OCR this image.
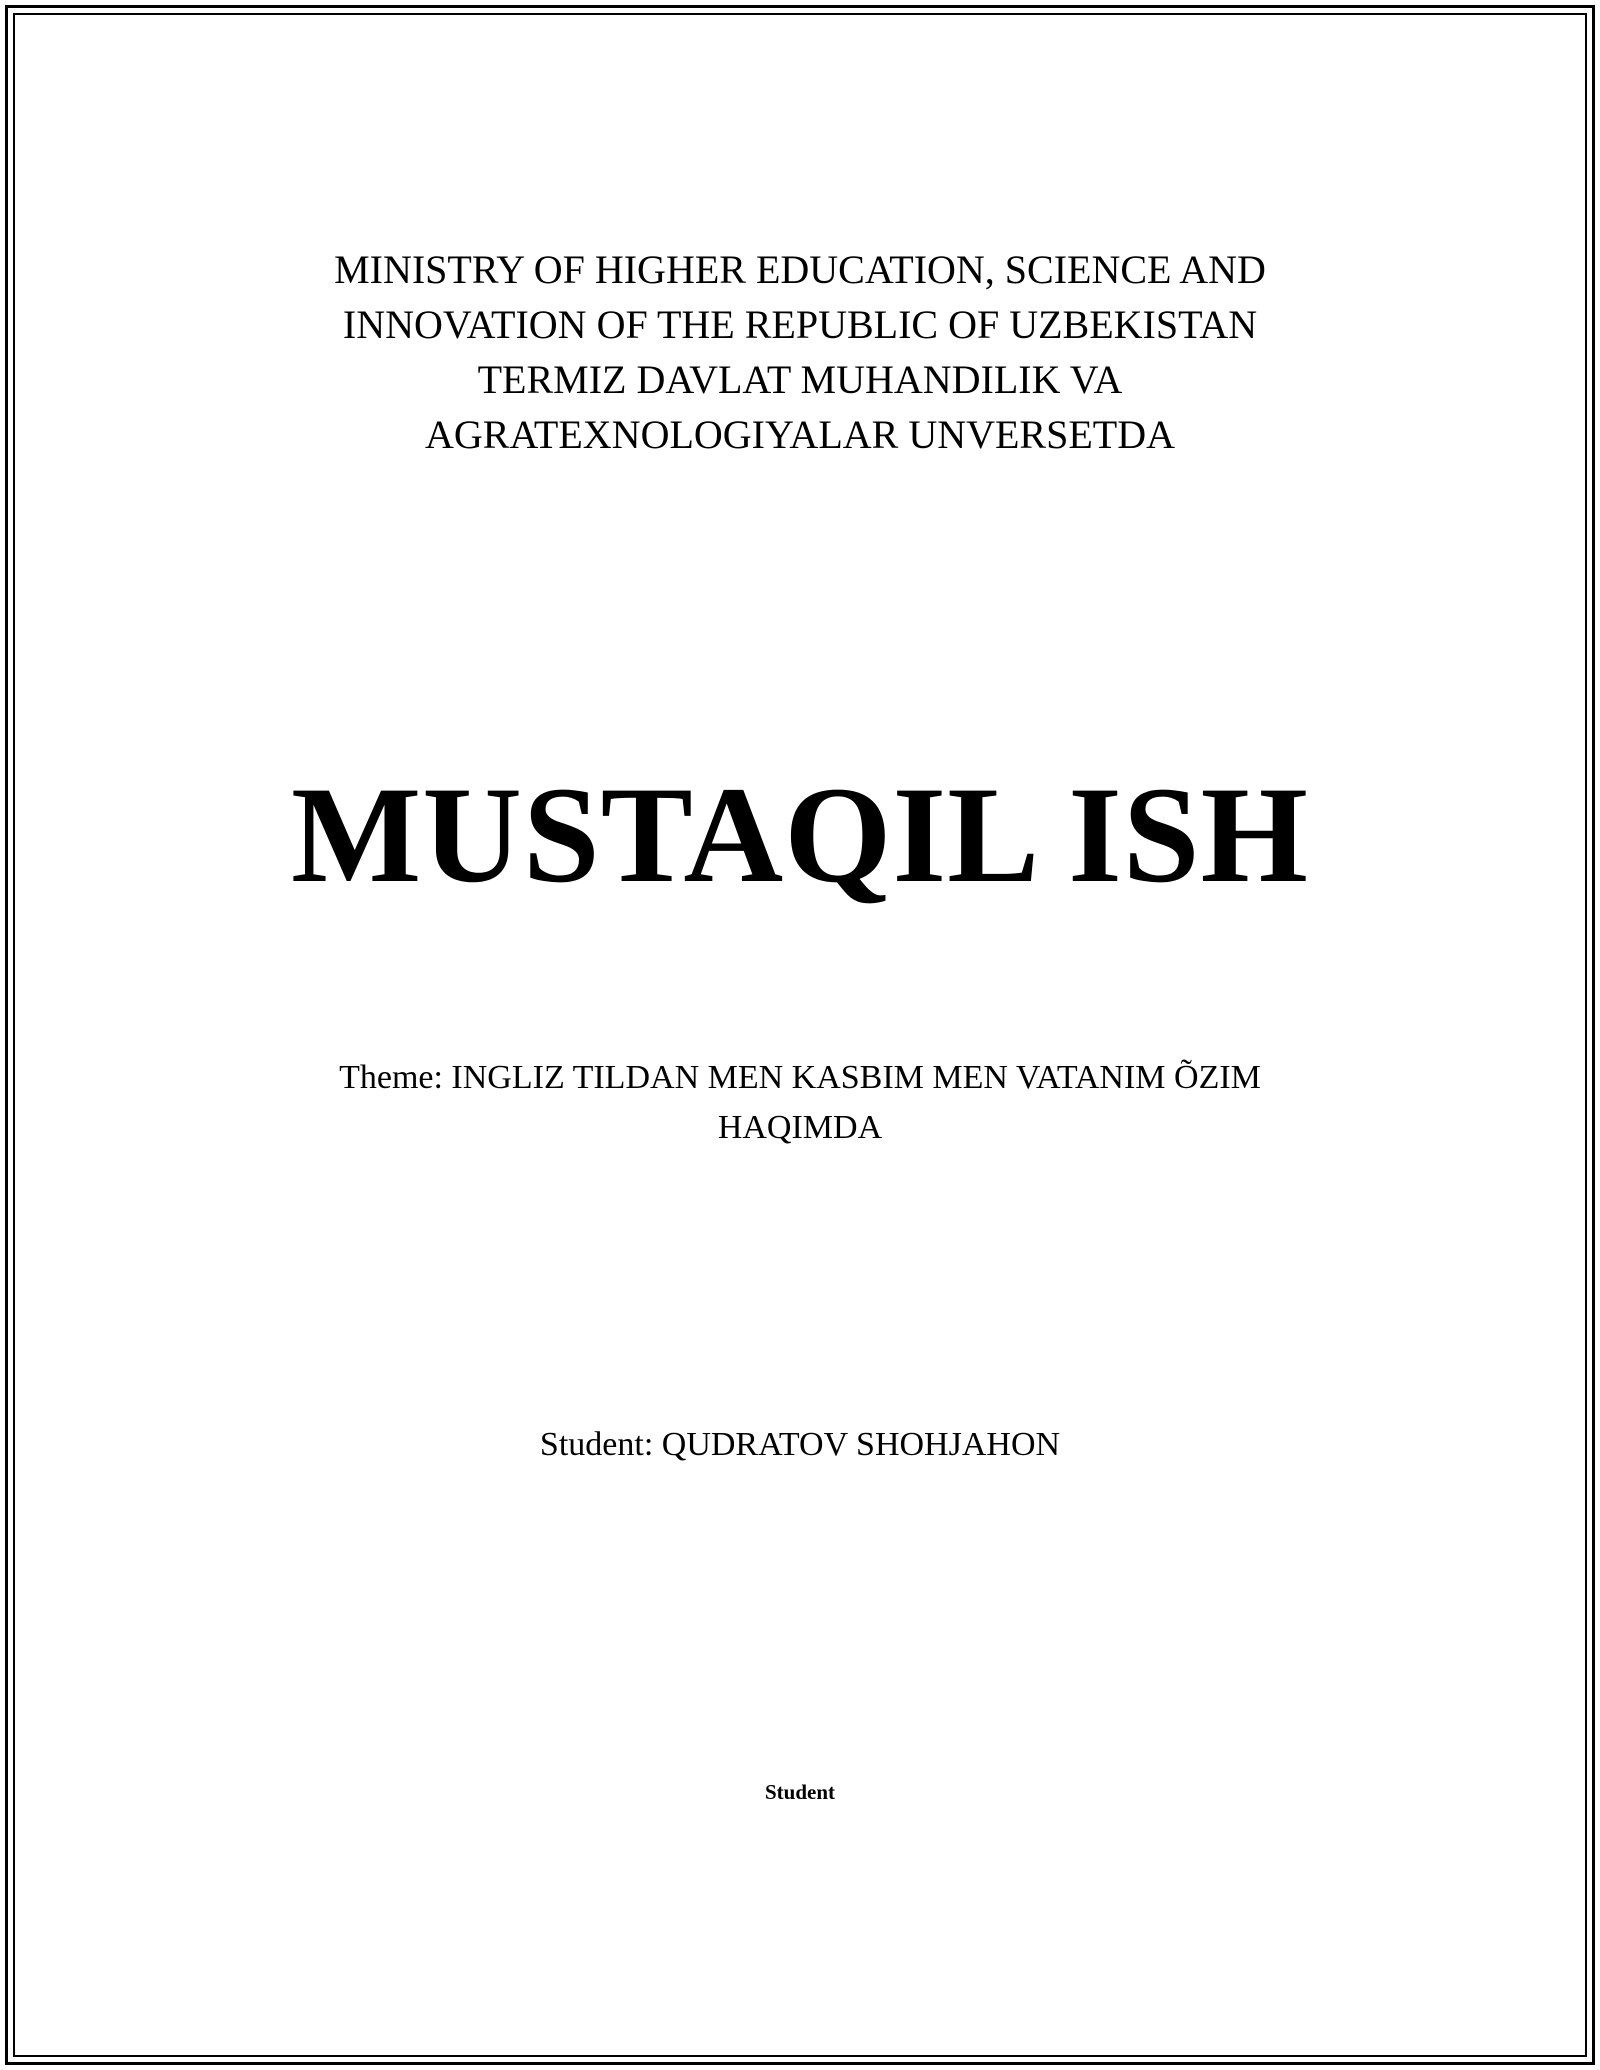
MINISTRY OF HIGHER EDUCATION, SCIENCE AND
INNOVATION OF THE REPUBLIC OF UZBEKISTAN
TERMIZ DAVLAT MUHANDILIK VA
AGRATEXNOLOGIYALAR UNVERSETDA
MUSTAQIL ISH
Theme: INGLIZ TILDAN MEN KASBIM MEN VATANIM ÕZIM
HAQIMDA
Student: QUDRATOV SHOHJAHON
Student
